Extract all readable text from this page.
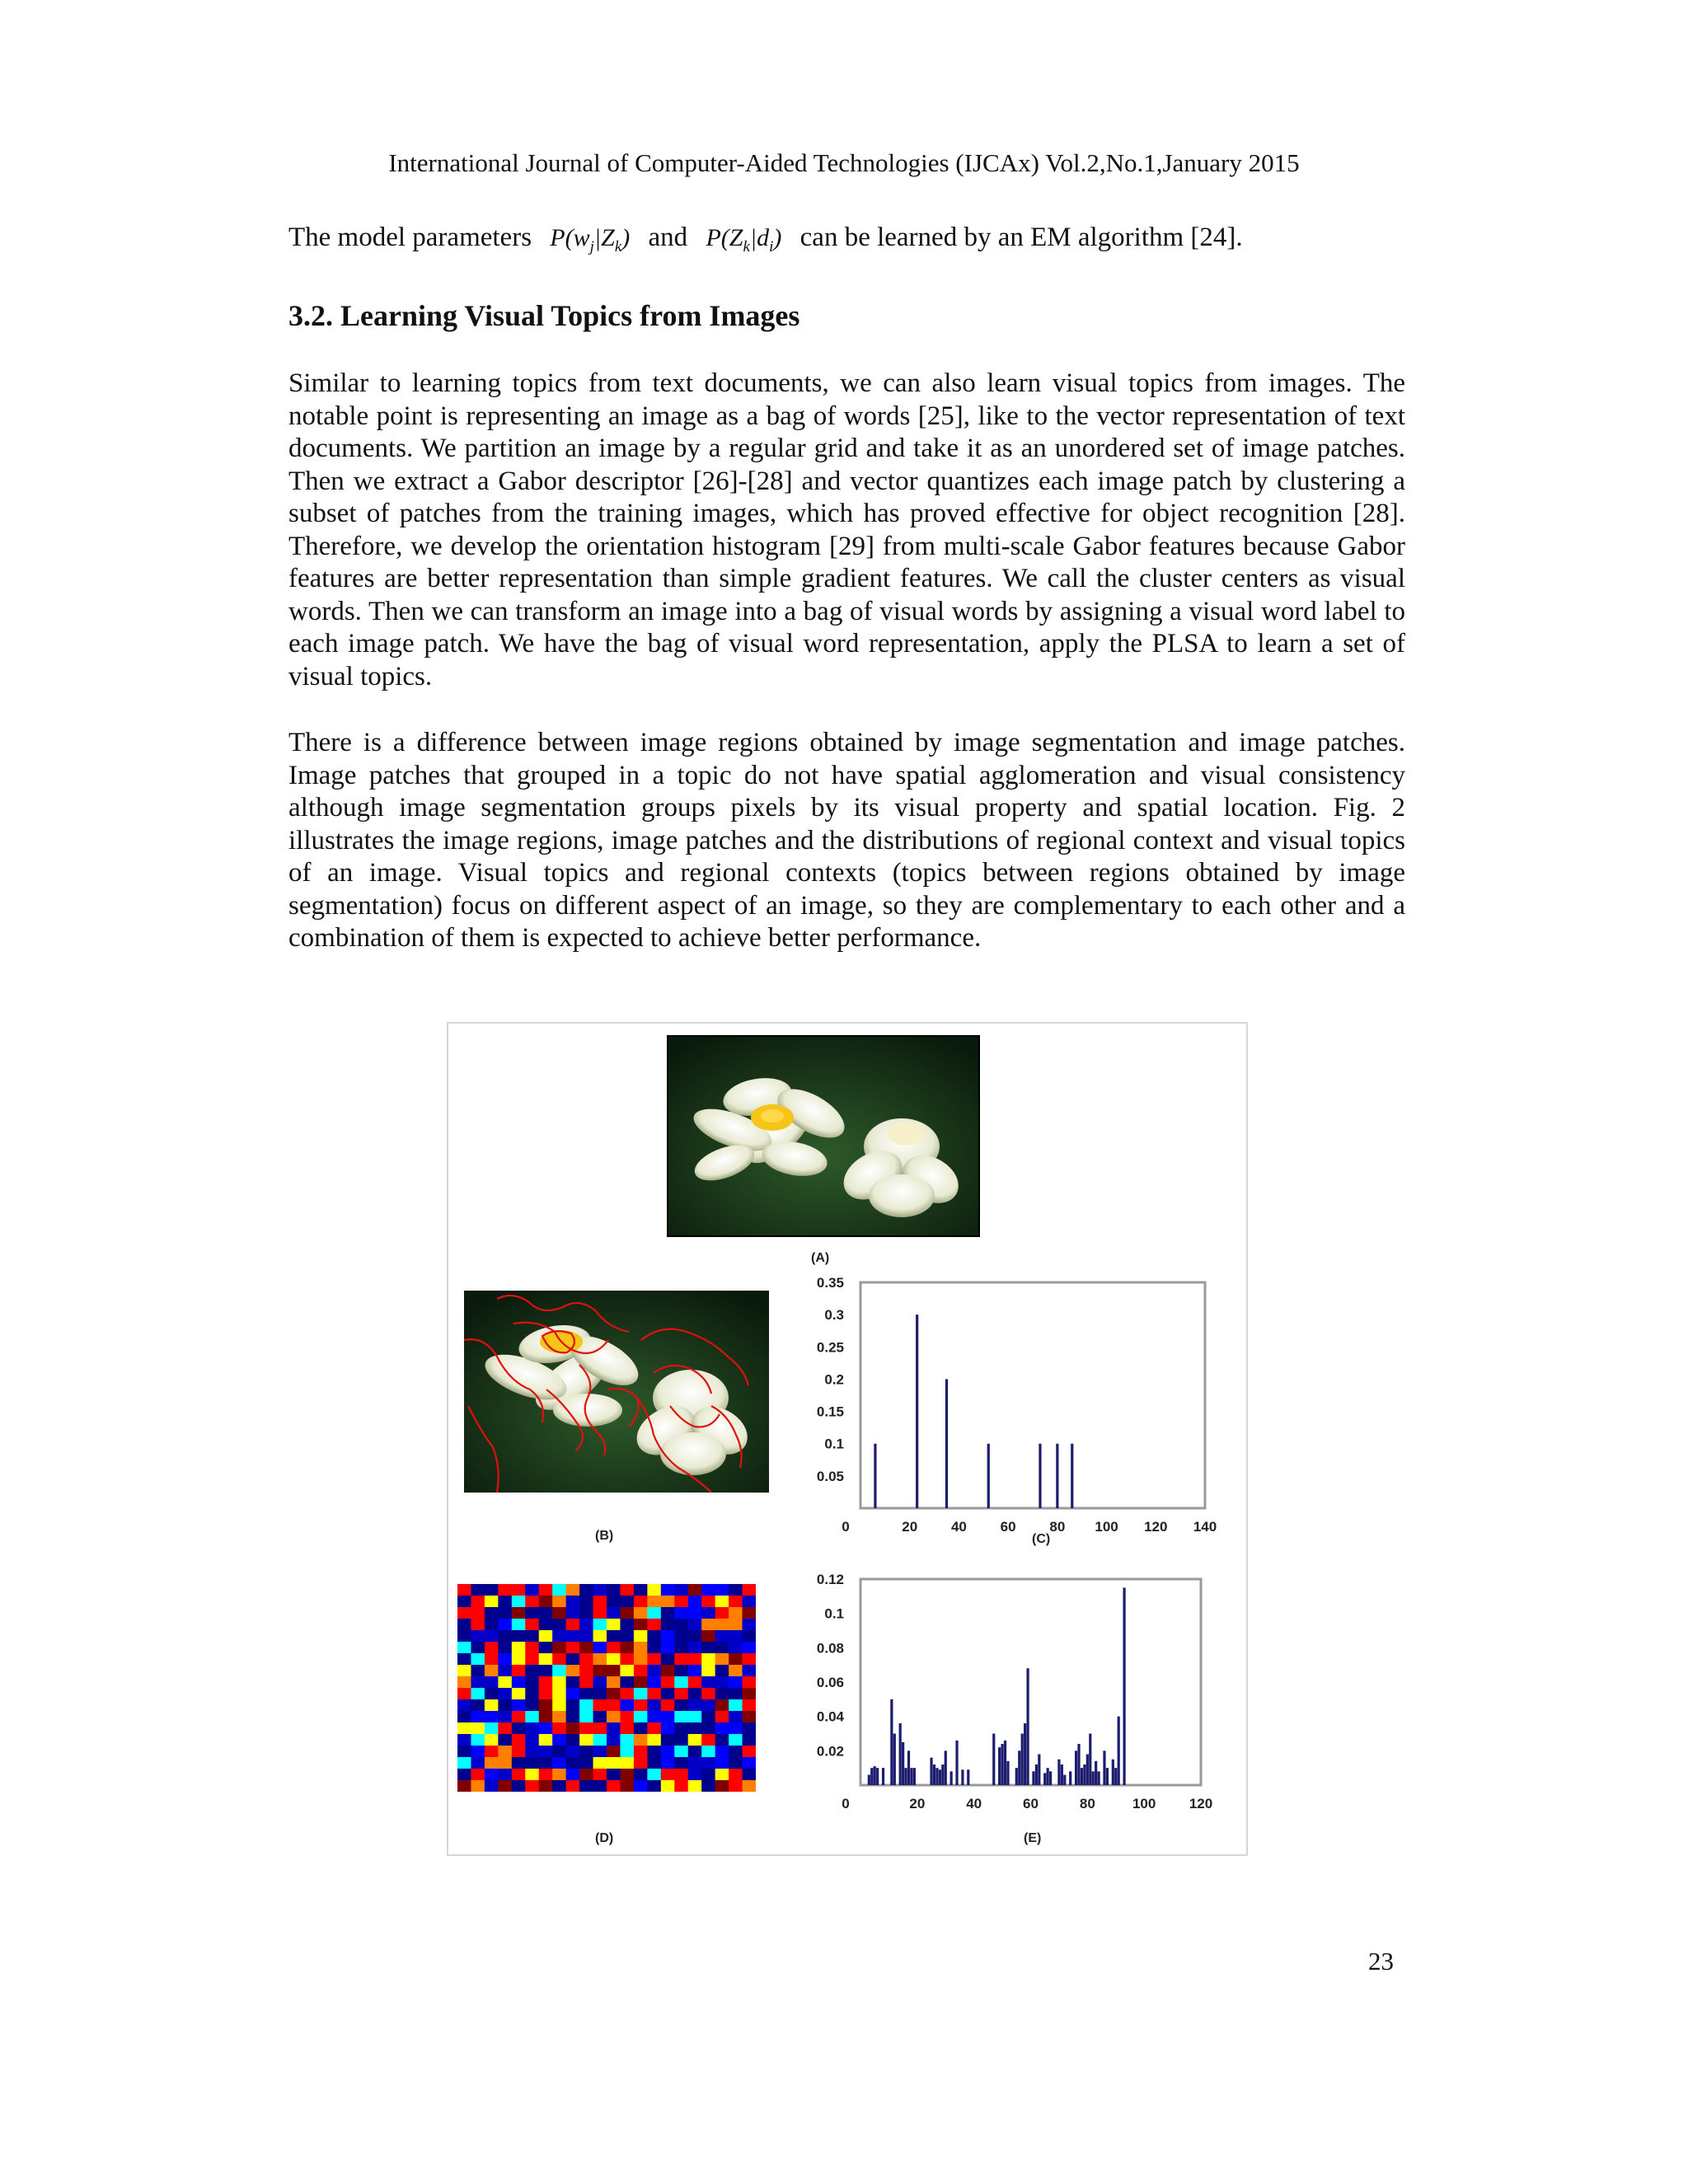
International Journal of Computer-Aided Technologies (IJCAx) Vol.2,No.1,January 2015
The model parameters $P(w_j|Z_k)$ and $P(Z_k|d_i)$ can be learned by an EM algorithm [24].
3.2. Learning Visual Topics from Images
Similar to learning topics from text documents, we can also learn visual topics from images. The notable point is representing an image as a bag of words [25], like to the vector representation of text documents. We partition an image by a regular grid and take it as an unordered set of image patches. Then we extract a Gabor descriptor [26]-[28] and vector quantizes each image patch by clustering a subset of patches from the training images, which has proved effective for object recognition [28]. Therefore, we develop the orientation histogram [29] from multi-scale Gabor features because Gabor features are better representation than simple gradient features. We call the cluster centers as visual words. Then we can transform an image into a bag of visual words by assigning a visual word label to each image patch. We have the bag of visual word representation, apply the PLSA to learn a set of visual topics.
There is a difference between image regions obtained by image segmentation and image patches. Image patches that grouped in a topic do not have spatial agglomeration and visual consistency although image segmentation groups pixels by its visual property and spatial location. Fig. 2 illustrates the image regions, image patches and the distributions of regional context and visual topics of an image. Visual topics and regional contexts (topics between regions obtained by image segmentation) focus on different aspect of an image, so they are complementary to each other and a combination of them is expected to achieve better performance.
(A)
(B)
0	20 40 60 80 100 120 140
0.05
0.1
0.15
0.2
0.25
0.3
0.35
(C)
(D)
0	20	40	60	80	100 120
0.02
0.04
0.06
0.08
0.1
0.12
(E)
23
